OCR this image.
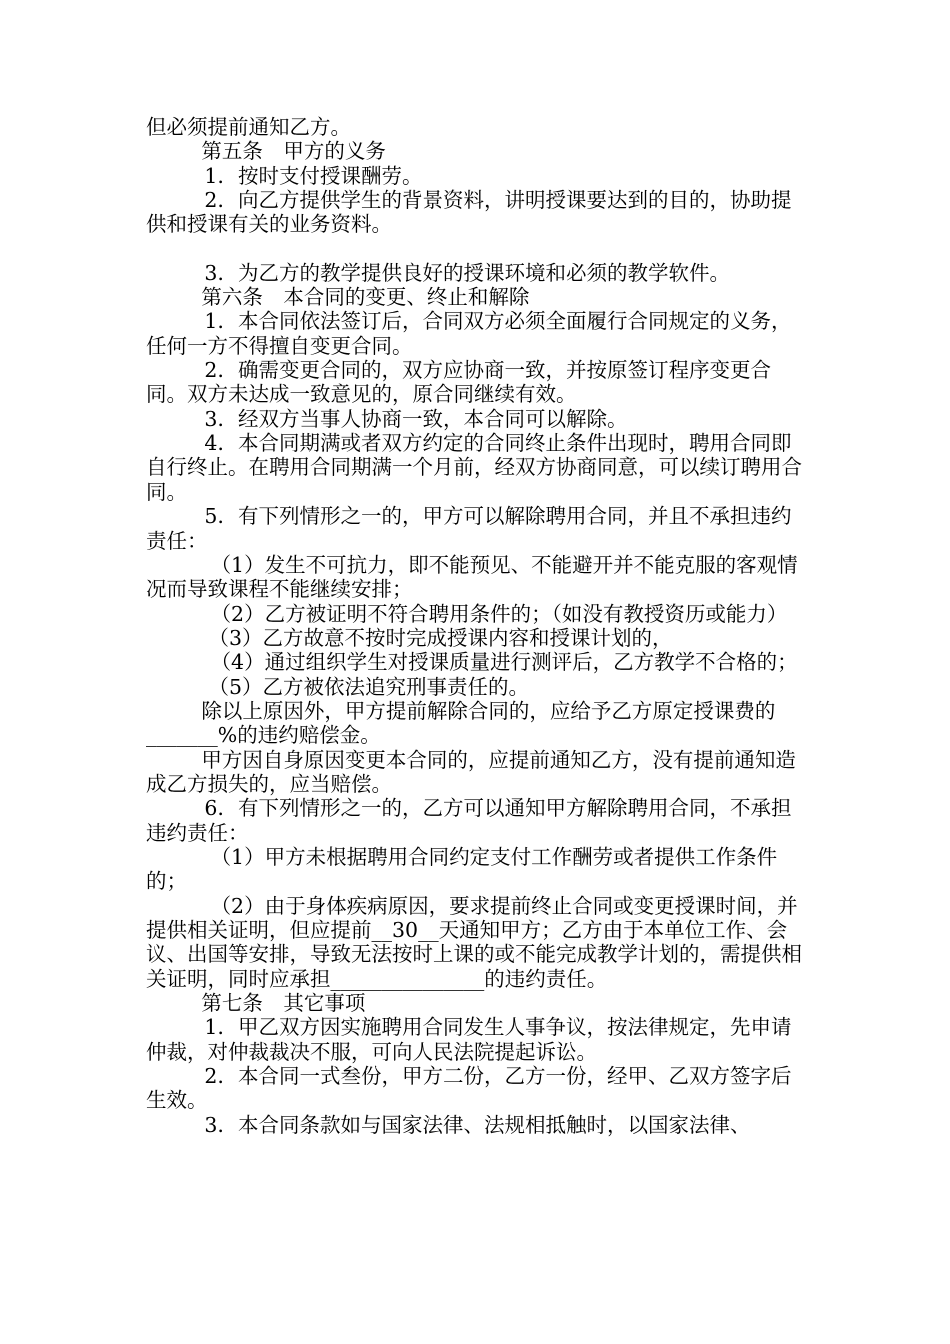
但必须提前通知乙方。

第五条　甲方的义务

1．按时支付授课酬劳。

2．向乙方提供学生的背景资料，讲明授课要达到的目的，协助提供和授课有关的业务资料。

3．为乙方的教学提供良好的授课环境和必须的教学软件。

第六条　本合同的变更、终止和解除

1．本合同依法签订后，合同双方必须全面履行合同规定的义务，任何一方不得擅自变更合同。

2．确需变更合同的，双方应协商一致，并按原签订程序变更合同。双方未达成一致意见的，原合同继续有效。

3．经双方当事人协商一致，本合同可以解除。

4．本合同期满或者双方约定的合同终止条件出现时，聘用合同即自行终止。在聘用合同期满一个月前，经双方协商同意，可以续订聘用合同。

5．有下列情形之一的，甲方可以解除聘用合同，并且不承担违约责任：

（1）发生不可抗力，即不能预见、不能避开并不能克服的客观情况而导致课程不能继续安排；

（2）乙方被证明不符合聘用条件的；（如没有教授资历或能力）

（3）乙方故意不按时完成授课内容和授课计划的，

（4）通过组织学生对授课质量进行测评后，乙方教学不合格的；

（5）乙方被依法追究刑事责任的。

除以上原因外，甲方提前解除合同的，应给予乙方原定授课费的_______%的违约赔偿金。

甲方因自身原因变更本合同的，应提前通知乙方，没有提前通知造成乙方损失的，应当赔偿。

6．有下列情形之一的，乙方可以通知甲方解除聘用合同，不承担违约责任：

（1）甲方未根据聘用合同约定支付工作酬劳或者提供工作条件的；

（2）由于身体疾病原因，要求提前终止合同或变更授课时间，并提供相关证明，但应提前__30__天通知甲方；乙方由于本单位工作、会议、出国等安排，导致无法按时上课的或不能完成教学计划的，需提供相关证明，同时应承担_______________的违约责任。

第七条　其它事项

1．甲乙双方因实施聘用合同发生人事争议，按法律规定，先申请仲裁，对仲裁裁决不服，可向人民法院提起诉讼。

2．本合同一式叁份，甲方二份，乙方一份，经甲、乙双方签字后生效。

3．本合同条款如与国家法律、法规相抵触时，以国家法律、
